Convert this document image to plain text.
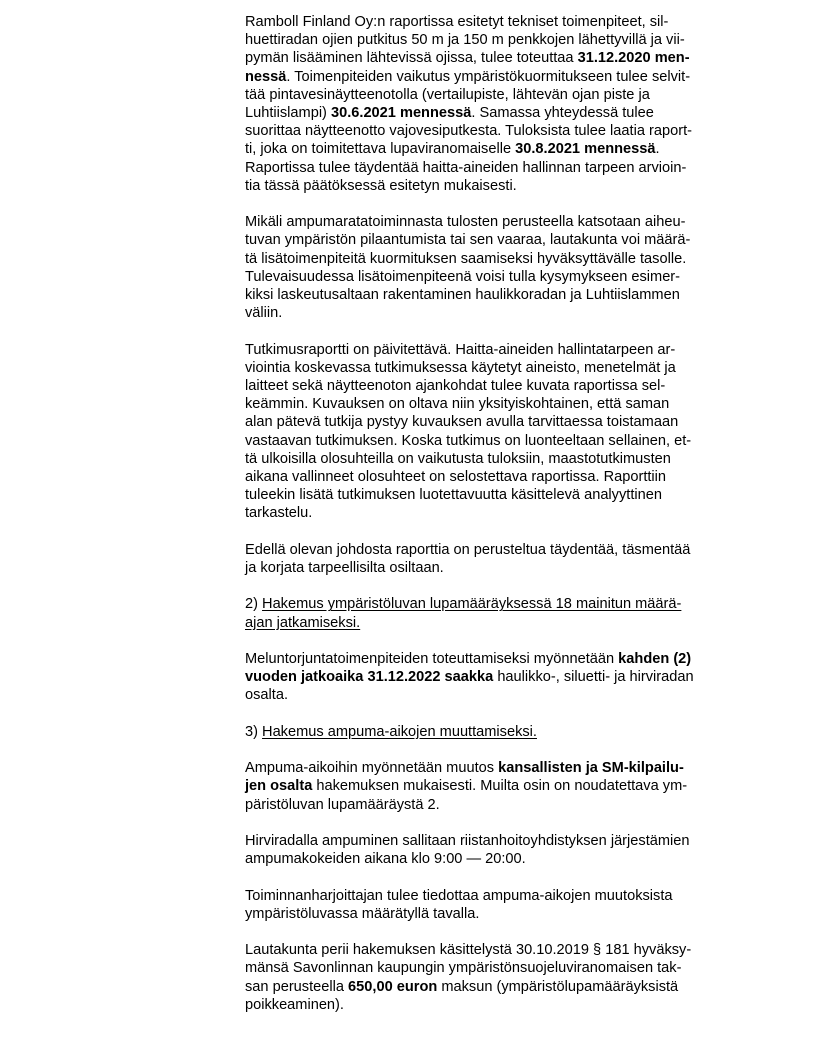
Ramboll Finland Oy:n raportissa esitetyt tekniset toimenpiteet, sil-
huettiradan ojien putkitus 50 m ja 150 m penkkojen lähettyvillä ja vii-
pymän lisääminen lähtevissä ojissa, tulee toteuttaa 31.12.2020 men-
nessä. Toimenpiteiden vaikutus ympäristökuormitukseen tulee selvit-
tää pintavesinäytteenotolla (vertailupiste, lähtevän ojan piste ja
Luhtiislampi) 30.6.2021 mennessä. Samassa yhteydessä tulee
suorittaa näytteenotto vajovesiputkesta. Tuloksista tulee laatia raport-
ti, joka on toimitettava lupaviranomaiselle 30.8.2021 mennessä.
Raportissa tulee täydentää haitta-aineiden hallinnan tarpeen arvioin-
tia tässä päätöksessä esitetyn mukaisesti.

Mikäli ampumaratatoiminnasta tulosten perusteella katsotaan aiheu-
tuvan ympäristön pilaantumista tai sen vaaraa, lautakunta voi määrä-
tä lisätoimenpiteitä kuormituksen saamiseksi hyväksyttävälle tasolle.
Tulevaisuudessa lisätoimenpiteenä voisi tulla kysymykseen esimer-
kiksi laskeutusaltaan rakentaminen haulikkoradan ja Luhtiislammen
väliin.

Tutkimusraportti on päivitettävä. Haitta-aineiden hallintatarpeen ar-
viointia koskevassa tutkimuksessa käytetyt aineisto, menetelmät ja
laitteet sekä näytteenoton ajankohdat tulee kuvata raportissa sel-
keämmin. Kuvauksen on oltava niin yksityiskohtainen, että saman
alan pätevä tutkija pystyy kuvauksen avulla tarvittaessa toistamaan
vastaavan tutkimuksen. Koska tutkimus on luonteeltaan sellainen, et-
tä ulkoisilla olosuhteilla on vaikutusta tuloksiin, maastotutkimusten
aikana vallinneet olosuhteet on selostettava raportissa. Raporttiin
tuleekin lisätä tutkimuksen luotettavuutta käsittelevä analyyttinen
tarkastelu.

Edellä olevan johdosta raporttia on perusteltua täydentää, täsmentää
ja korjata tarpeellisilta osiltaan.

2) Hakemus ympäristöluvan lupamääräyksessä 18 mainitun määrä-
ajan jatkamiseksi.

Meluntorjuntatoimenpiteiden toteuttamiseksi myönnetään kahden (2)
vuoden jatkoaika 31.12.2022 saakka haulikko-, siluetti- ja hirviradan
osalta.

3) Hakemus ampuma-aikojen muuttamiseksi.

Ampuma-aikoihin myönnetään muutos kansallisten ja SM-kilpailu-
jen osalta hakemuksen mukaisesti. Muilta osin on noudatettava ym-
päristöluvan lupamääräystä 2.

Hirviradalla ampuminen sallitaan riistanhoitoyhdistyksen järjestämien
ampumakokeiden aikana klo 9:00 — 20:00.

Toiminnanharjoittajan tulee tiedottaa ampuma-aikojen muutoksista
ympäristöluvassa määrätyllä tavalla.

Lautakunta perii hakemuksen käsittelystä 30.10.2019 § 181 hyväksy-
mänsä Savonlinnan kaupungin ympäristönsuojeluviranomaisen tak-
san perusteella 650,00 euron maksun (ympäristölupamääräyksistä
poikkeaminen).
